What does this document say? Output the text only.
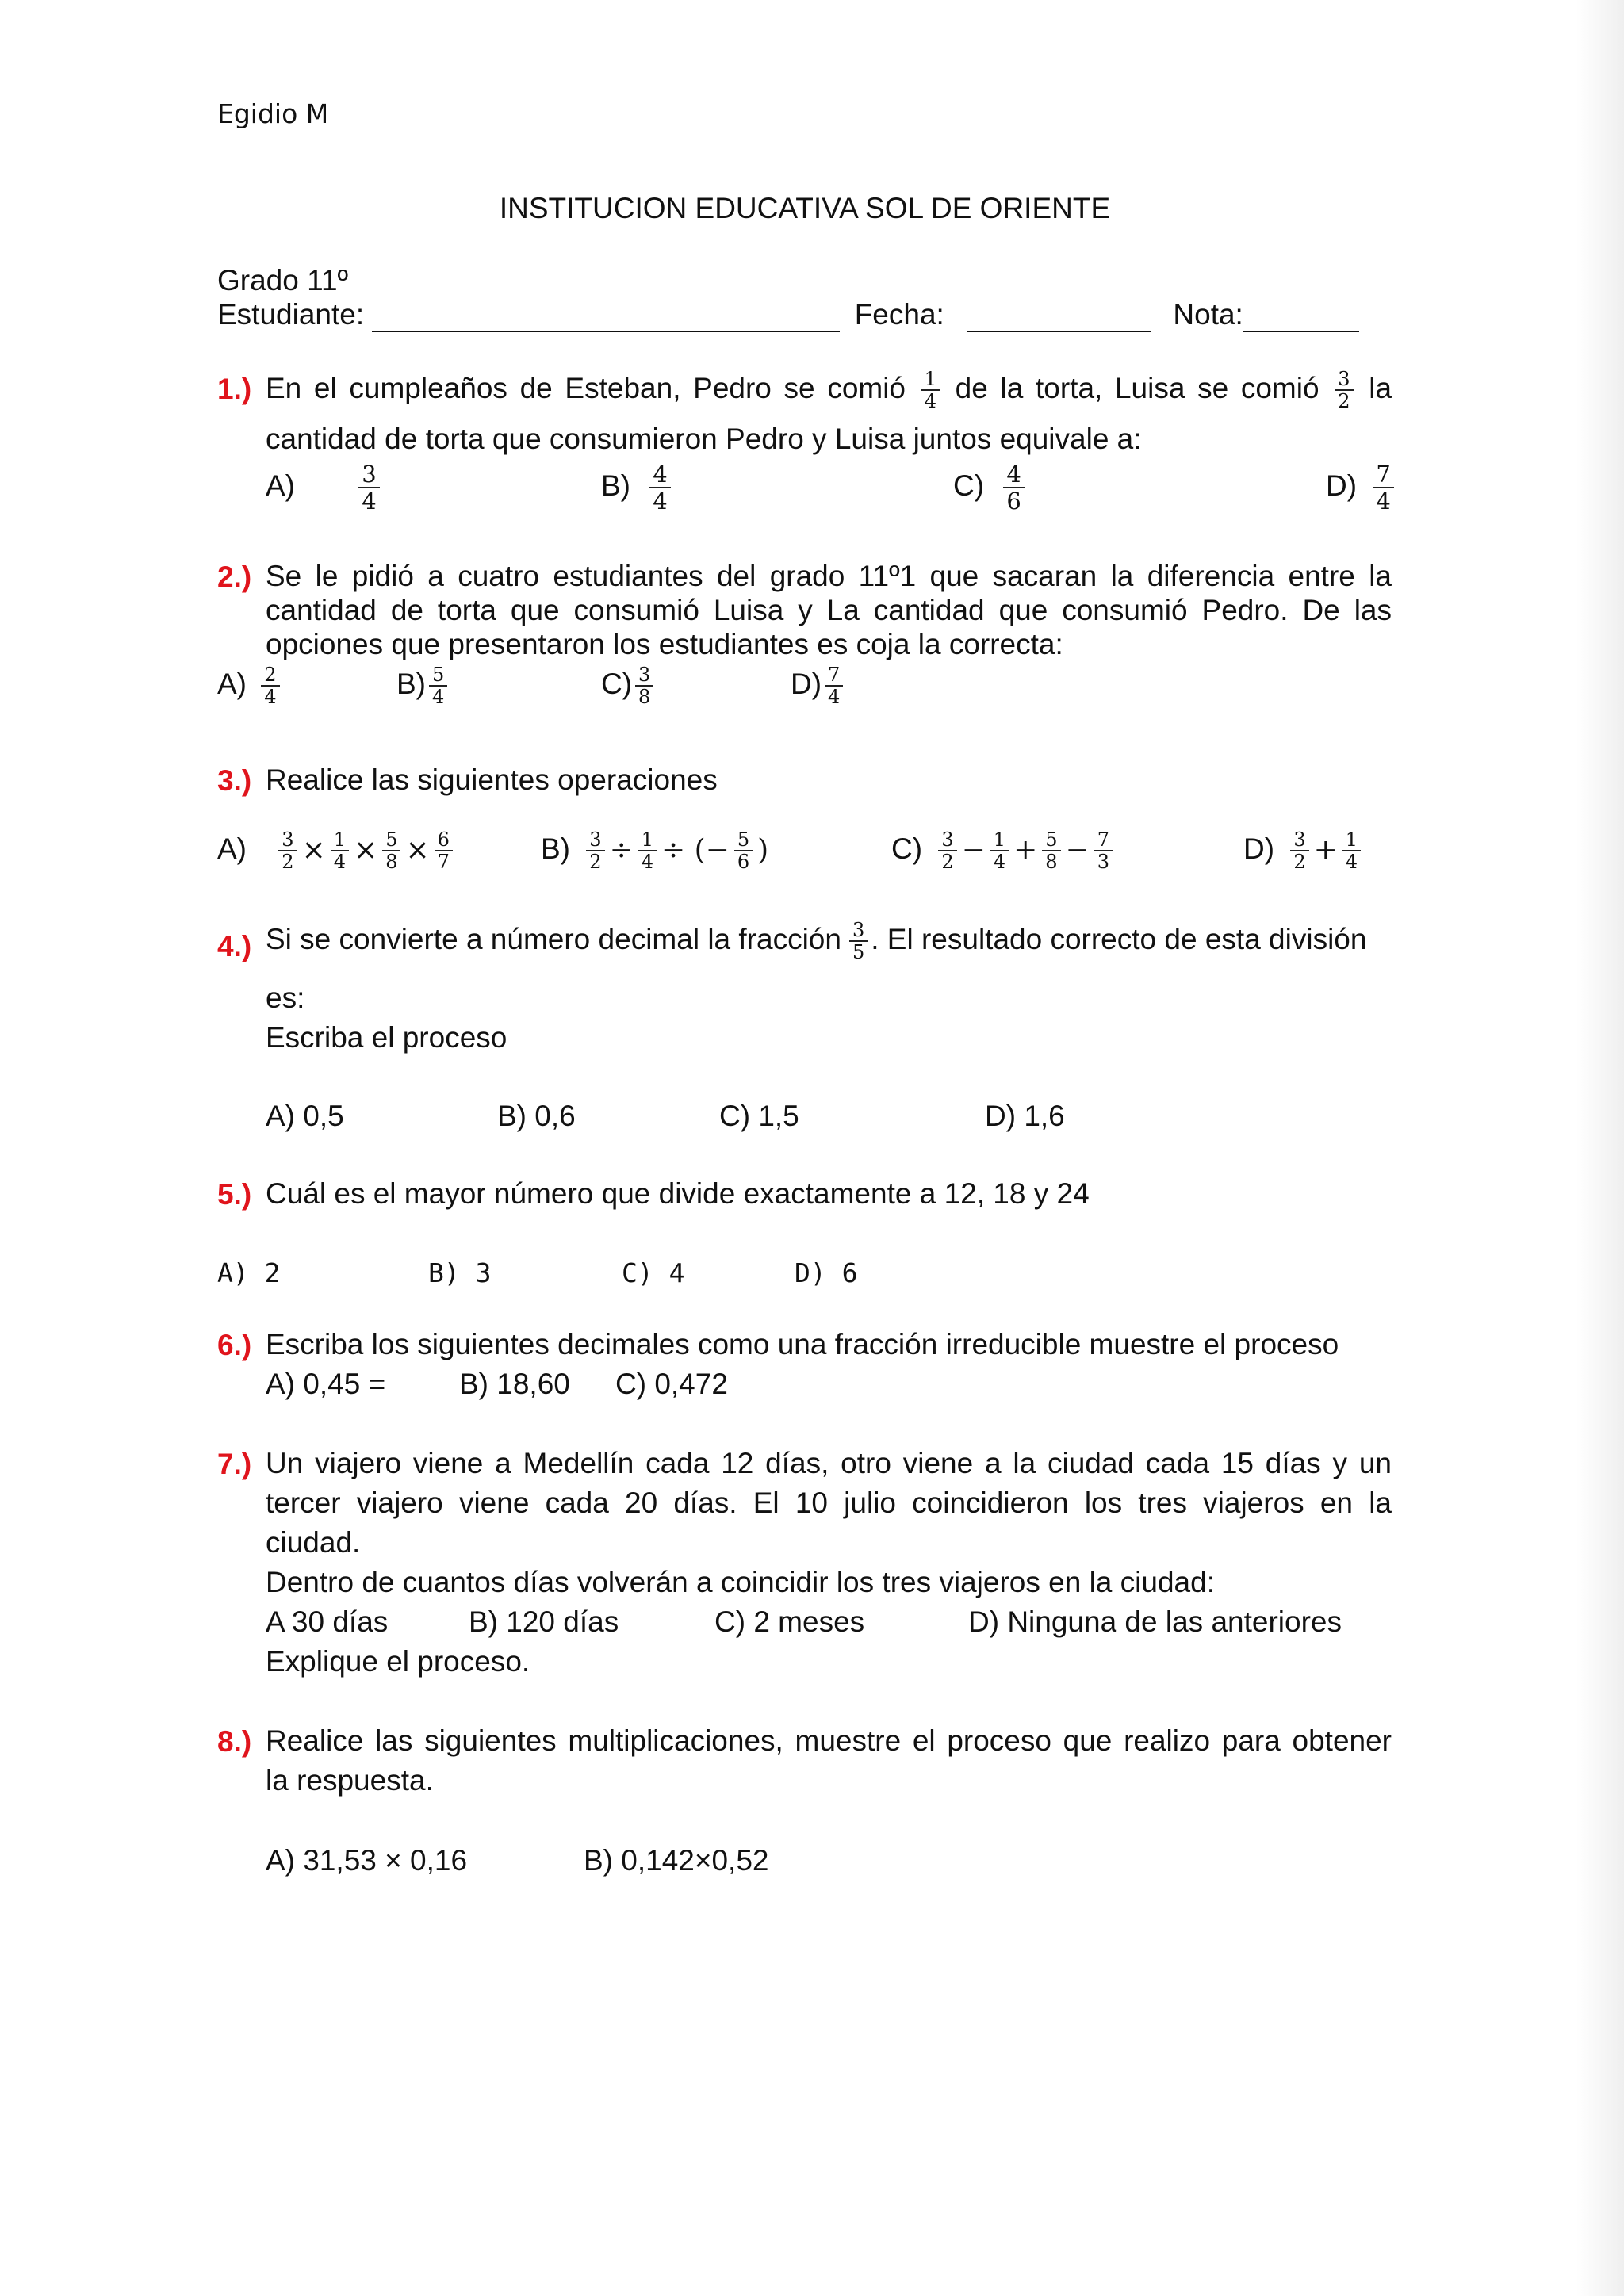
Egidio M
INSTITUCION EDUCATIVA SOL DE ORIENTE
Grado 11º
Estudiante:	Fecha:	Nota:
1.) En el cumpleaños de Esteban, Pedro se comió $\frac{1}{4}$ de la torta, Luisa se comió $\frac{3}{2}$ la
cantidad de torta que consumieron Pedro y Luisa juntos equivale a:
A)	$\frac{3}{4}$	$B) \frac{4}{4}$	$C) \frac{4}{6}$	$D) \frac{7}{4}$
2.) Se le pidió a cuatro estudiantes del grado 11º1 que sacaran la diferencia entre la
cantidad de torta que consumió Luisa y La cantidad que consumió Pedro. De las
opciones que presentaron los estudiantes es coja la correcta:
$A) \frac{2}{4}$	$B) \frac{5}{4}$	$C) \frac{3}{8}$	$D) \frac{7}{4}$
3.) Realice las siguientes operaciones
$A) \frac{3}{2} \times \frac{1}{4} \times \frac{5}{8} \times \frac{6}{7}$	$B) \frac{3}{2} \div \frac{1}{4}$ ÷ (− $\frac{5}{6}$ )	$C) \frac{3}{2} - \frac{1}{4} + \frac{5}{8} - \frac{7}{3}$	$D) \frac{3}{2} + \frac{1}{4}$
4.) Si se convierte a número decimal la fracción $\frac{3}{5}$ . El resultado correcto de esta división
es:
Escriba el proceso
A) 0,5	B) 0,6	C) 1,5	D) 1,6
5.) Cuál es el mayor número que divide exactamente a 12, 18 y 24
A) 2	B) 3	C) 4	D) 6
6.) Escriba los siguientes decimales como una fracción irreducible muestre el proceso
A) 0,45 =	B) 18,60 C) 0,472
7.) Un viajero viene a Medellín cada 12 días, otro viene a la ciudad cada 15 días y un
tercer viajero viene cada 20 días. El 10 julio coincidieron los tres viajeros en la
ciudad.
Dentro de cuantos días volverán a coincidir los tres viajeros en la ciudad:
A 30 días	B) 120 días	C) 2 meses	D) Ninguna de las anteriores
Explique el proceso.
8.) Realice las siguientes multiplicaciones, muestre el proceso que realizo para obtener
la respuesta.
A) 31,53 × 0,16	B) 0,142×0,52
